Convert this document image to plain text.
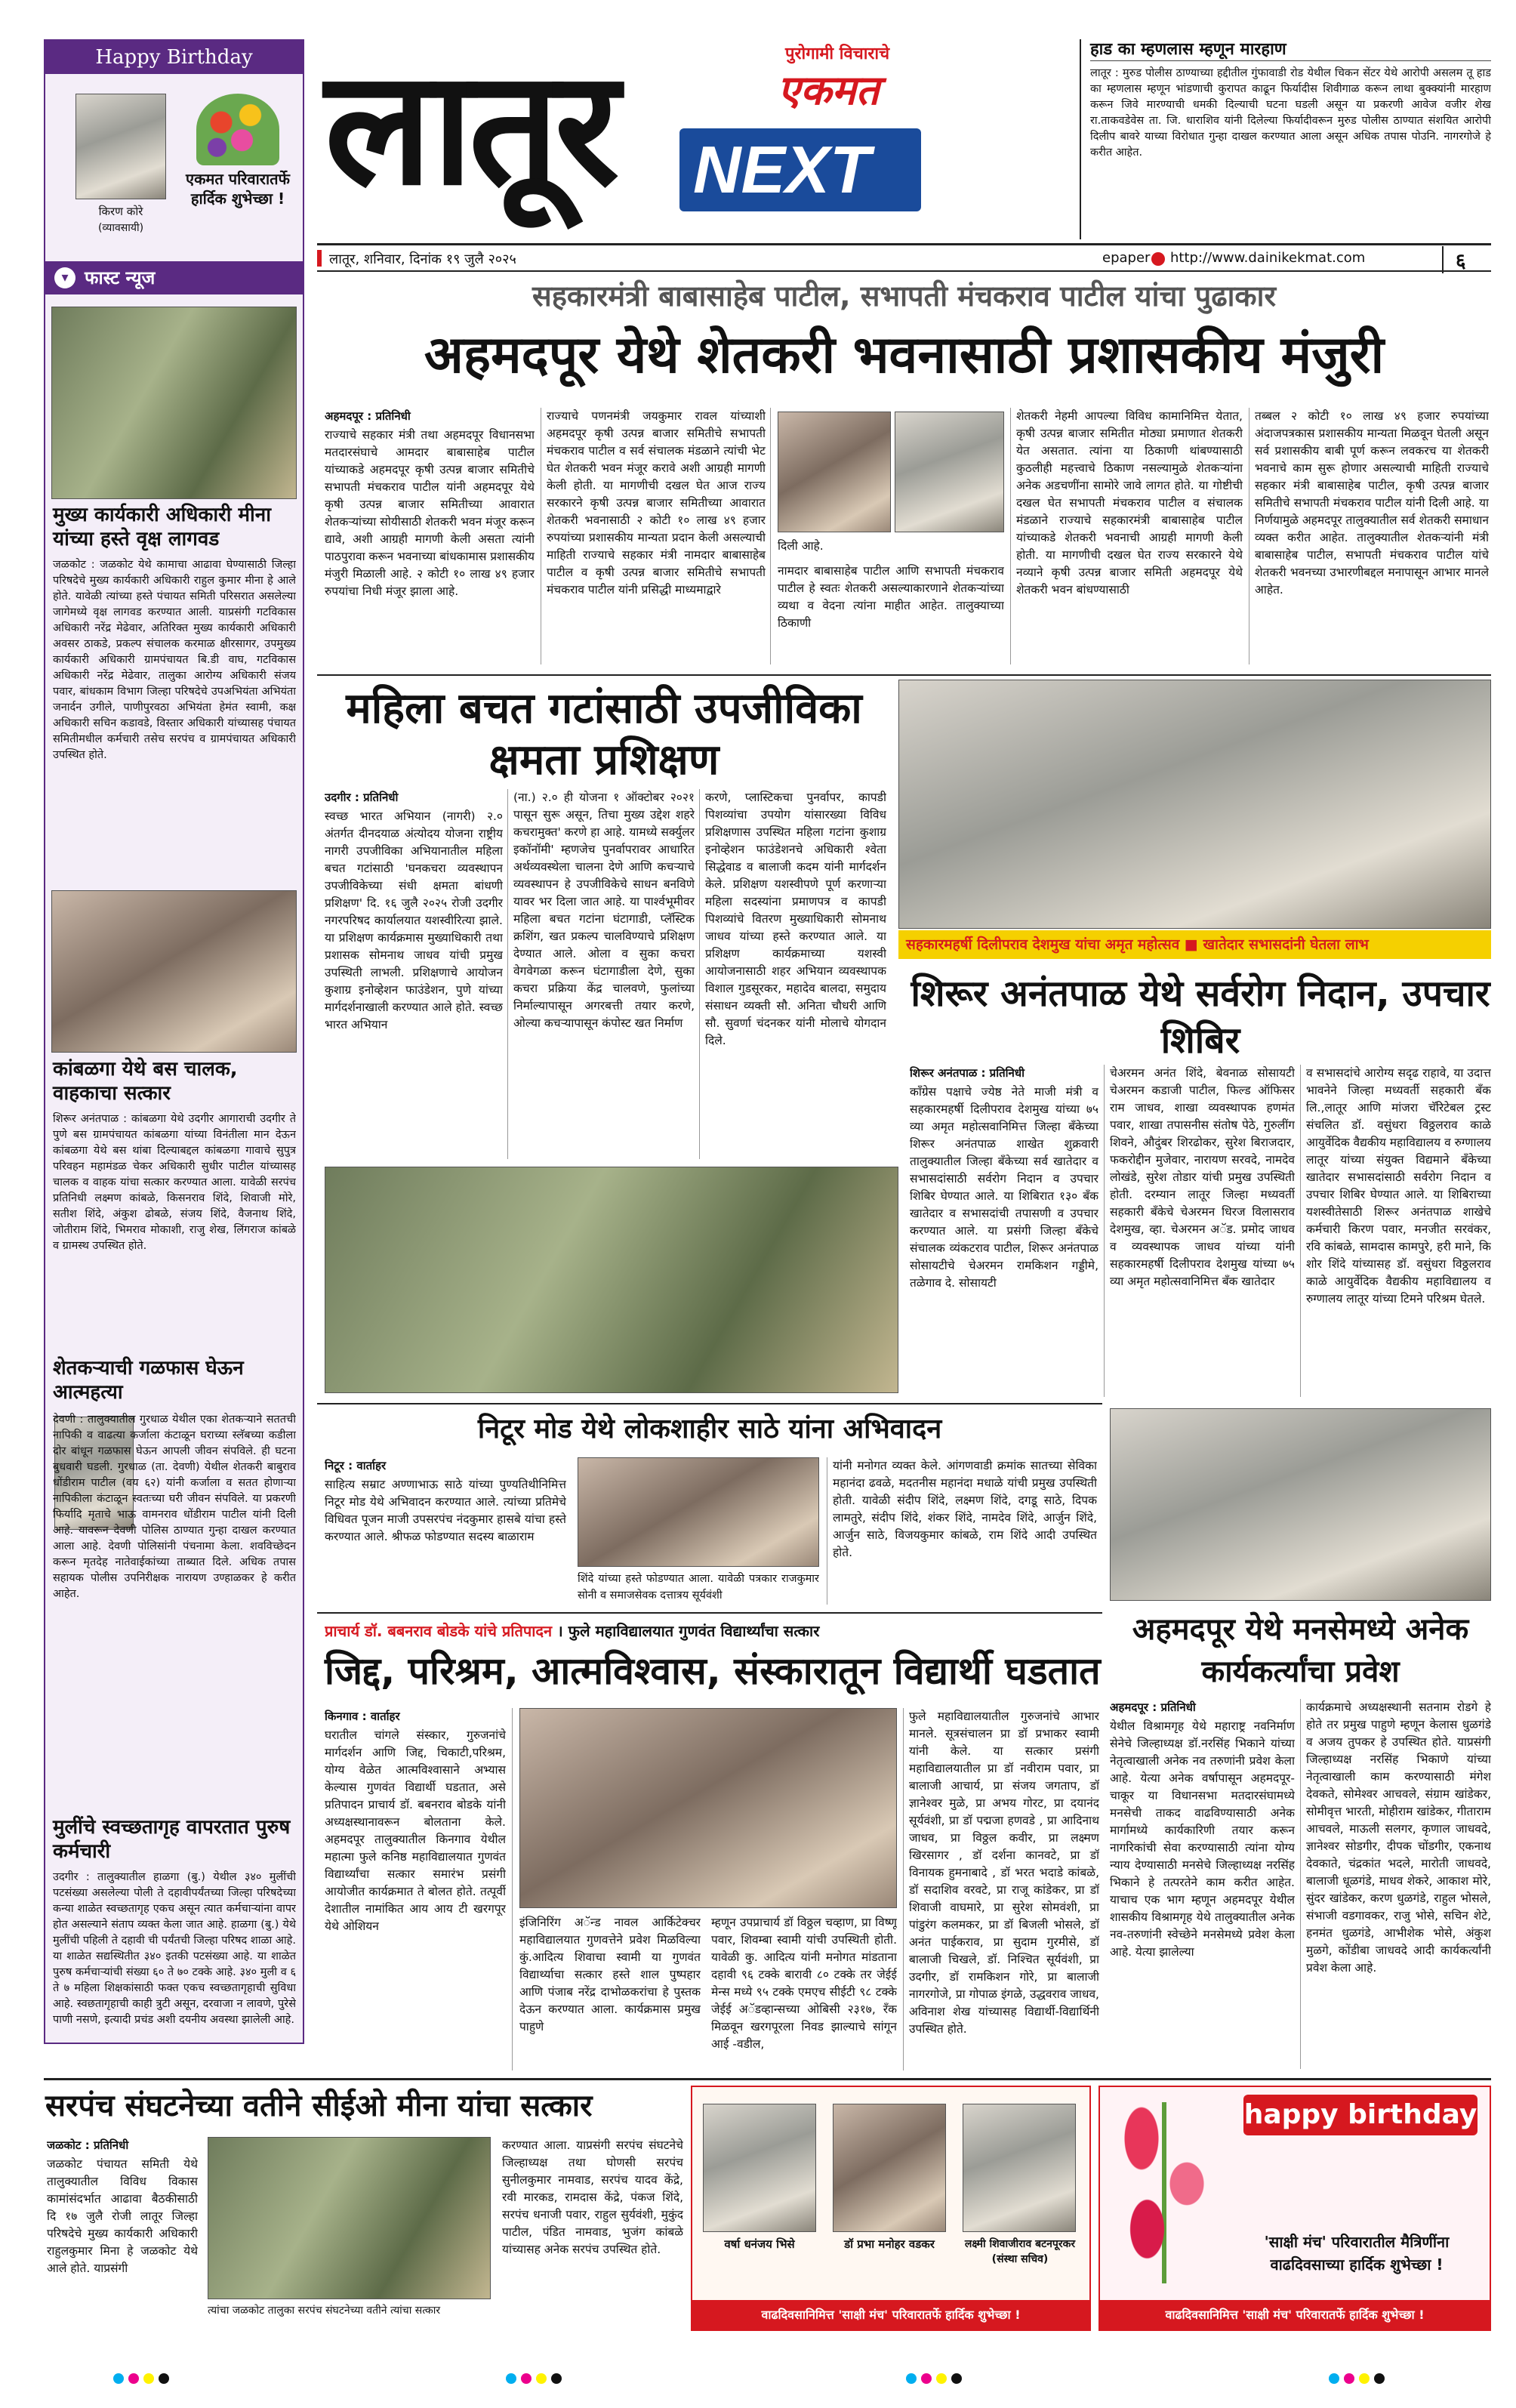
लातूर	पुरोगामी विचाराचे
एकमत
NEXT
हाड का म्हणलास म्हणून मारहाण
लातूर : मुरुड पोलीस ठाण्याच्या हद्दीतील गुंफावाडी रोड येथील चिकन सेंटर येथे आरोपी असलम तू हाड का म्हणलास म्हणून भांडणाची कुरापत काढून फिर्यादीस शिवीगाळ करून लाथा बुक्क्यांनी मारहाण करून जिवे मारण्याची धमकी दिल्याची घटना घडली असून या प्रकरणी आवेज वजीर शेख रा.ताकवडेवेस ता. जि. धाराशिव यांनी दिलेल्या फिर्यादीवरून मुरुड पोलीस ठाण्यात संशयित आरोपी दिलीप बावरे याच्या विरोधात गुन्हा दाखल करण्यात आला असून अधिक तपास पोउनि. नागरगोजे हे करीत आहेत.
लातूर, शनिवार, दिनांक १९ जुलै २०२५	epaper http://www.dainikekmat.com	६
Happy Birthday
किरण कोरे
(व्यावसायी)
एकमत परिवारातर्फे हार्दिक शुभेच्छा !
▾ फास्ट न्यूज
मुख्य कार्यकारी अधिकारी मीना यांच्या हस्ते वृक्ष लागवड
जळकोट : जळकोट येथे कामाचा आढावा घेण्यासाठी जिल्हा परिषदेचे मुख्य कार्यकारी अधिकारी राहुल कुमार मीना हे आले होते. यावेळी त्यांच्या हस्ते पंचायत समिती परिसरात असलेल्या जागेमध्ये वृक्ष लागवड करण्यात आली. याप्रसंगी गटविकास अधिकारी नरेंद्र मेढेवार, अतिरिक्त मुख्य कार्यकारी अधिकारी अवसर ठाकडे, प्रकल्प संचालक करमाळ क्षीरसागर, उपमुख्य कार्यकारी अधिकारी ग्रामपंचायत बि.डी वाघ, गटविकास अधिकारी नरेंद्र मेढेवार, तालुका आरोग्य अधिकारी संजय पवार, बांधकाम विभाग जिल्हा परिषदेचे उपअभियंता अभियंता जनार्दन उगीले, पाणीपुरवठा अभियंता हेमंत स्वामी, कक्ष अधिकारी सचिन कडावडे, विस्तार अधिकारी यांच्यासह पंचायत समितीमधील कर्मचारी तसेच सरपंच व ग्रामपंचायत अधिकारी उपस्थित होते.
कांबळगा येथे बस चालक, वाहकाचा सत्कार
शिरूर अनंतपाळ : कांबळगा येथे उदगीर आगाराची उदगीर ते पुणे बस ग्रामपंचायत कांबळगा यांच्या विनंतीला मान देऊन कांबळगा येथे बस थांबा दिल्याबद्दल कांबळगा गावाचे सुपुत्र परिवहन महामंडळ चेकर अधिकारी सुधीर पाटील यांच्यासह चालक व वाहक यांचा सत्कार करण्यात आला. यावेळी सरपंच प्रतिनिधी लक्ष्मण कांबळे, किसनराव शिंदे, शिवाजी मोरे, सतीश शिंदे, अंकुश ढोबळे, संजय शिंदे, वैजनाथ शिंदे, जोतीराम शिंदे, भिमराव मोकाशी, राजु शेख, लिंगराज कांबळे व ग्रामस्थ उपस्थित होते.
शेतकऱ्याची गळफास घेऊन आत्महत्या
देवणी : तालुक्यातील गुरधाळ येथील एका शेतकऱ्याने सततची नापिकी व वाढत्या कर्जाला कंटाळून घराच्या स्लॅबच्या कडीला दोर बांधून गळफास घेऊन आपली जीवन संपविले. ही घटना बुधवारी घडली. गुरधाळ (ता. देवणी) येथील शेतकरी बाबुराव धोंडीराम पाटील (वय ६२) यांनी कर्जाला व सतत होणाऱ्या नापिकीला कंटाळून स्वतःच्या घरी जीवन संपविले. या प्रकरणी फिर्यादि मृताचे भाऊ वामनराव धोंडीराम पाटील यांनी दिली आहे. यावरून देवणी पोलिस ठाण्यात गुन्हा दाखल करण्यात आला आहे. देवणी पोलिसांनी पंचनामा केला. शवविच्छेदन करून मृतदेह नातेवाईकांच्या ताब्यात दिले. अधिक तपास सहायक पोलीस उपनिरीक्षक नारायण उण्हाळकर हे करीत आहेत.
मुलींचे स्वच्छतागृह वापरतात पुरुष कर्मचारी
उदगीर : तालुक्यातील हाळगा (बु.) येथील ३४० मुलींची पटसंख्या असलेल्या पोली ते दहावीपर्यंतच्या जिल्हा परिषदेच्या कन्या शाळेत स्वच्छतागृह एकच असून त्यात कर्मचाऱ्यांना वापर होत असल्याने संताप व्यक्त केला जात आहे. हाळगा (बु.) येथे मुलींची पहिली ते दहावी ची पर्यंतची जिल्हा परिषद शाळा आहे. या शाळेत सद्यस्थितीत ३४० इतकी पटसंख्या आहे. या शाळेत पुरुष कर्मचाऱ्यांची संख्या ६० ते ७० टक्के आहे. ३४० मुली व ६ ते ७ महिला शिक्षकांसाठी फक्त एकच स्वच्छतागृहाची सुविधा आहे. स्वछतागृहाची काही त्रुटी असून, दरवाजा न लावणे, पुरेसे पाणी नसणे, इत्यादी प्रचंड अशी दयनीय अवस्था झालेली आहे.
सहकारमंत्री बाबासाहेब पाटील, सभापती मंचकराव पाटील यांचा पुढाकार
अहमदपूर येथे शेतकरी भवनासाठी प्रशासकीय मंजुरी
अहमदपूर : प्रतिनिधी
राज्याचे सहकार मंत्री तथा अहमदपूर विधानसभा मतदारसंघाचे आमदार बाबासाहेब पाटील यांच्याकडे अहमदपूर कृषी उत्पन्न बाजार समितीचे सभापती मंचकराव पाटील यांनी अहमदपूर येथे कृषी उत्पन्न बाजार समितीच्या आवारात शेतकऱ्यांच्या सोयीसाठी शेतकरी भवन मंजूर करून द्यावे, अशी आग्रही मागणी केली असता त्यांनी पाठपुरावा करून भवनाच्या बांधकामास प्रशासकीय मंजुरी मिळाली आहे. २ कोटी १० लाख ४९ हजार रुपयांचा निधी मंजूर झाला आहे.
राज्याचे पणनमंत्री जयकुमार रावल यांच्याशी अहमदपूर कृषी उत्पन्न बाजार समितीचे सभापती मंचकराव पाटील व सर्व संचालक मंडळाने त्यांची भेट घेत शेतकरी भवन मंजूर करावे अशी आग्रही मागणी केली होती. या मागणीची दखल घेत आज राज्य सरकारने कृषी उत्पन्न बाजार समितीच्या आवारात शेतकरी भवनासाठी २ कोटी १० लाख ४९ हजार रुपयांच्या प्रशासकीय मान्यता प्रदान केली असल्याची माहिती राज्याचे सहकार मंत्री नामदार बाबासाहेब पाटील व कृषी उत्पन्न बाजार समितीचे सभापती मंचकराव पाटील यांनी प्रसिद्धी माध्यमाद्वारे
दिली आहे.
नामदार बाबासाहेब पाटील आणि सभापती मंचकराव पाटील हे स्वतः शेतकरी असल्याकारणाने शेतकऱ्यांच्या व्यथा व वेदना त्यांना माहीत आहेत. तालुक्याच्या ठिकाणी
शेतकरी नेहमी आपल्या विविध कामानिमित्त येतात, कृषी उत्पन्न बाजार समितीत मोठ्या प्रमाणात शेतकरी येत असतात. त्यांना या ठिकाणी थांबण्यासाठी कुठलीही महत्त्वाचे ठिकाण नसल्यामुळे शेतकऱ्यांना अनेक अडचणींना सामोरे जावे लागत होते. या गोष्टीची दखल घेत सभापती मंचकराव पाटील व संचालक मंडळाने राज्याचे सहकारमंत्री बाबासाहेब पाटील यांच्याकडे शेतकरी भवनाची आग्रही मागणी केली होती. या मागणीची दखल घेत राज्य सरकारने येथे नव्याने कृषी उत्पन्न बाजार समिती अहमदपूर येथे शेतकरी भवन बांधण्यासाठी
तब्बल २ कोटी १० लाख ४९ हजार रुपयांच्या अंदाजपत्रकास प्रशासकीय मान्यता मिळवून घेतली असून सर्व प्रशासकीय बाबी पूर्ण करून लवकरच या शेतकरी भवनाचे काम सुरू होणार असल्याची माहिती राज्याचे सहकार मंत्री बाबासाहेब पाटील, कृषी उत्पन्न बाजार समितीचे सभापती मंचकराव पाटील यांनी दिली आहे. या निर्णयामुळे अहमदपूर तालुक्यातील सर्व शेतकरी समाधान व्यक्त करीत आहेत. तालुक्यातील शेतकऱ्यांनी मंत्री बाबासाहेब पाटील, सभापती मंचकराव पाटील यांचे शेतकरी भवनच्या उभारणीबद्दल मनापासून आभार मानले आहेत.
महिला बचत गटांसाठी उपजीविका क्षमता प्रशिक्षण
उदगीर : प्रतिनिधी
स्वच्छ भारत अभियान (नागरी) २.० अंतर्गत दीनदयाळ अंत्योदय योजना राष्ट्रीय नागरी उपजीविका अभियानातील महिला बचत गटांसाठी 'घनकचरा व्यवस्थापन उपजीविकेच्या संधी क्षमता बांधणी प्रशिक्षण' दि. १६ जुलै २०२५ रोजी उदगीर नगरपरिषद कार्यालयात यशस्वीरित्या झाले. या प्रशिक्षण कार्यक्रमास मुख्याधिकारी तथा प्रशासक सोमनाथ जाधव यांची प्रमुख उपस्थिती लाभली. प्रशिक्षणाचे आयोजन कुशाग्र इनोव्हेशन फाउंडेशन, पुणे यांच्या मार्गदर्शनाखाली करण्यात आले होते. स्वच्छ भारत अभियान
(ना.) २.० ही योजना १ ऑक्टोबर २०२१ पासून सुरू असून, तिचा मुख्य उद्देश शहरे कचरामुक्त' करणे हा आहे. यामध्ये सर्क्युलर इकॉनॉमी' म्हणजेच पुनर्वापरावर आधारित अर्थव्यवस्थेला चालना देणे आणि कचऱ्याचे व्यवस्थापन हे उपजीविकेचे साधन बनविणे यावर भर दिला जात आहे. या पार्श्वभूमीवर महिला बचत गटांना घंटागाडी, प्लॅस्टिक क्रशिंग, खत प्रकल्प चालविण्याचे प्रशिक्षण देण्यात आले. ओला व सुका कचरा वेगवेगळा करून घंटागाडीला देणे, सुका कचरा प्रक्रिया केंद्र चालवणे, फुलांच्या निर्माल्यापासून अगरबत्ती तयार करणे, ओल्या कचऱ्यापासून कंपोस्ट खत निर्माण
करणे, प्लास्टिकचा पुनर्वापर, कापडी पिशव्यांचा उपयोग यांसारख्या विविध प्रशिक्षणास उपस्थित महिला गटांना कुशाग्र इनोव्हेशन फाउंडेशनचे अधिकारी श्वेता सिद्धेवाड व बालाजी कदम यांनी मार्गदर्शन केले. प्रशिक्षण यशस्वीपणे पूर्ण करणाऱ्या महिला सदस्यांना प्रमाणपत्र व कापडी पिशव्यांचे वितरण मुख्याधिकारी सोमनाथ जाधव यांच्या हस्ते करण्यात आले. या प्रशिक्षण कार्यक्रमाच्या यशस्वी आयोजनासाठी शहर अभियान व्यवस्थापक विशाल गुडसूरकर, महादेव बालदा, समुदाय संसाधन व्यक्ती सौ. अनिता चौधरी आणि सौ. सुवर्णा चंदनकर यांनी मोलाचे योगदान दिले.
सहकारमहर्षी दिलीपराव देशमुख यांचा अमृत महोत्सव ■ खातेदार सभासदांनी घेतला लाभ
शिरूर अनंतपाळ येथे सर्वरोग निदान, उपचार शिबिर
शिरूर अनंतपाळ : प्रतिनिधी
काँग्रेस पक्षाचे ज्येष्ठ नेते माजी मंत्री व सहकारमहर्षी दिलीपराव देशमुख यांच्या ७५ व्या अमृत महोत्सवानिमित्त जिल्हा बँकेच्या शिरूर अनंतपाळ शाखेत शुक्रवारी तालुक्यातील जिल्हा बँकेच्या सर्व खातेदार व सभासदांसाठी सर्वरोग निदान व उपचार शिबिर घेण्यात आले. या शिबिरात १३० बँक खातेदार व सभासदांची तपासणी व उपचार करण्यात आले. या प्रसंगी जिल्हा बँकेचे संचालक व्यंकटराव पाटील, शिरूर अनंतपाळ सोसायटीचे चेअरमन रामकिशन गड्डीमे, तळेगाव दे. सोसायटी
चेअरमन अनंत शिंदे, बेवनाळ सोसायटी चेअरमन कडाजी पाटील, फिल्ड ऑफिसर राम जाधव, शाखा व्यवस्थापक हणमंत पवार, शाखा तपासनीस संतोष पेठे, गुरुलींग शिवने, औदुंबर शिरढोकर, सुरेश बिराजदार, फकरोद्दीन मुजेवार, नारायण सरवदे, नामदेव लोखंडे, सुरेश तोडार यांची प्रमुख उपस्थिती होती. दरम्यान लातूर जिल्हा मध्यवर्ती सहकारी बँकेचे चेअरमन धिरज विलासराव देशमुख, व्हा. चेअरमन अॅड. प्रमोद जाधव व व्यवस्थापक जाधव यांच्या यांनी सहकारमहर्षी दिलीपराव देशमुख यांच्या ७५ व्या अमृत महोत्सवानिमित्त बँक खातेदार
व सभासदांचे आरोग्य सदृढ राहावे, या उदात्त भावनेने जिल्हा मध्यवर्ती सहकारी बँक लि.,लातूर आणि मांजरा चॅरिटेबल ट्रस्ट संचलित डॉ. वसुंधरा विठ्ठलराव काळे आयुर्वेदिक वैद्यकीय महाविद्यालय व रुग्णालय लातूर यांच्या संयुक्त विद्यमाने बँकेच्या खातेदार सभासदांसाठी सर्वरोग निदान व उपचार शिबिर घेण्यात आले. या शिबिराच्या यशस्वीतेसाठी शिरूर अनंतपाळ शाखेचे कर्मचारी किरण पवार, मनजीत सरवंकर, रवि कांबळे, सामदास कामपुरे, हरी माने, कि शोर शिंदे यांच्यासह डॉ. वसुंधरा विठ्ठलराव काळे आयुर्वेदिक वैद्यकीय महाविद्यालय व रुग्णालय लातूर यांच्या टिमने परिश्रम घेतले.
निटूर मोड येथे लोकशाहीर साठे यांना अभिवादन
निटूर : वार्ताहर
साहित्य सम्राट अण्णाभाऊ साठे यांच्या पुण्यतिथीनिमित्त निटूर मोड येथे अभिवादन करण्यात आले. त्यांच्या प्रतिमेचे विधिवत पूजन माजी उपसरपंच नंदकुमार हासबे यांचा हस्ते करण्यात आले. श्रीफळ फोडण्यात सदस्य बाळाराम
शिंदे यांच्या हस्ते फोडण्यात आला. यावेळी पत्रकार राजकुमार सोनी व समाजसेवक दत्तात्रय सूर्यवंशी
यांनी मनोगत व्यक्त केले. आंगणवाडी क्रमांक सातच्या सेविका महानंदा ढवळे, मदतनीस महानंदा मधाळे यांची प्रमुख उपस्थिती होती. यावेळी संदीप शिंदे, लक्ष्मण शिंदे, दगडू साठे, दिपक लामतुरे, संदीप शिंदे, शंकर शिंदे, नामदेव शिंदे, आर्जुन शिंदे, आर्जुन साठे, विजयकुमार कांबळे, राम शिंदे आदी उपस्थित होते.
अहमदपूर येथे मनसेमध्ये अनेक कार्यकर्त्यांचा प्रवेश
अहमदपूर : प्रतिनिधी
येथील विश्रामगृह येथे महाराष्ट्र नवनिर्माण सेनेचे जिल्हाध्यक्ष डॉ.नरसिंह भिकाने यांच्या नेतृत्वाखाली अनेक नव तरुणांनी प्रवेश केला आहे. येत्या अनेक वर्षापासून अहमदपूर-चाकूर या विधानसभा मतदारसंघामध्ये मनसेची ताकद वाढविण्यासाठी अनेक मार्गामध्ये कार्यकारिणी तयार करून नागरिकांची सेवा करण्यासाठी त्यांना योग्य न्याय देण्यासाठी मनसेचे जिल्हाध्यक्ष नरसिंह भिकाने हे तत्परतेने काम करीत आहेत. याचाच एक भाग म्हणून अहमदपूर येथील शासकीय विश्रामगृह येथे तालुक्यातील अनेक नव-तरुणांनी स्वेच्छेने मनसेमध्ये प्रवेश केला आहे. येत्या झालेल्या
कार्यक्रमाचे अध्यक्षस्थानी सतनाम रोडगे हे होते तर प्रमुख पाहुणे म्हणून केलास धुळगंडे व अजय तुपकर हे उपस्थित होते. याप्रसंगी जिल्हाध्यक्ष नरसिंह भिकाणे यांच्या नेतृत्वाखाली काम करण्यासाठी मंगेश देवकते, सोमेश्वर आचवले, संग्राम खांडेकर, सोमीवृत्त भारती, मोहीराम खांडेकर, गीताराम आचवले, माऊली सलगर, कृणाल जाधवदे, ज्ञानेश्वर सोडगीर, दीपक चोंडगीर, एकनाथ देवकाते, चंद्रकांत भदले, मारोती जाधवदे, बालाजी धूळगंडे, माधव शेकरे, आकाश मोरे, सुंदर खांडेकर, करण धुळगंडे, राहुल भोसले, संभाजी वडगावकर, राजु भोसे, सचिन शेटे, हनमंत धुळगंडे, आभीशेक भोसे, अंकुश मुळगे, कोंडीबा जाधवदे आदी कार्यकर्त्यांनी प्रवेश केला आहे.
प्राचार्य डॉ. बबनराव बोडके यांचे प्रतिपादन । फुले महाविद्यालयात गुणवंत विद्यार्थ्यांचा सत्कार
जिद्द, परिश्रम, आत्मविश्वास, संस्कारातून विद्यार्थी घडतात
किनगाव : वार्ताहर
घरातील चांगले संस्कार, गुरुजनांचे मार्गदर्शन आणि जिद्द, चिकाटी,परिश्रम, योग्य वेळेत आत्मविश्वासाने अभ्यास केल्यास गुणवंत विद्यार्थी घडतात, असे प्रतिपादन प्राचार्य डॉ. बबनराव बोडके यांनी अध्यक्षस्थानावरून बोलताना केले. अहमदपूर तालुक्यातील किनगाव येथील महात्मा फुले कनिष्ठ महाविद्यालयात गुणवंत विद्यार्थ्यांचा सत्कार समारंभ प्रसंगी आयोजीत कार्यक्रमात ते बोलत होते. तत्पूर्वी देशातील नामांकित आय आय टी खरगपूर येथे ओशियन	इंजिनिरिंग अॅन्ड नावल आर्किटेक्चर महाविद्यालयात गुणवत्तेने प्रवेश मिळविल्या कुं.आदित्य शिवाचा स्वामी या गुणवंत विद्यार्थ्याचा सत्कार हस्ते शाल पुष्पहार आणि पंजाब नरेंद्र दाभोळकरांचा हे पुस्तक देऊन करण्यात आला. कार्यक्रमास प्रमुख पाहुणे
म्हणून उपप्राचार्य डॉ विठ्ठल चव्हाण, प्रा विष्णू पवार, शिवम्बा स्वामी यांची उपस्थिती होती. यावेळी कु. आदित्य यांनी मनोगत मांडताना दहावी ९६ टक्के बारावी ८० टक्के तर जेईई मेन्स मध्ये ९५ टक्के एमएच सीईटी ९८ टक्के जेईई अॅडव्हान्सच्या ओबिसी २३१७, रँक मिळवून खरगपूरला निवड झाल्याचे सांगून आई -वडील,
फुले महाविद्यालयातील गुरुजनांचे आभार मानले. सूत्रसंचालन प्रा डॉ प्रभाकर स्वामी यांनी केले. या सत्कार प्रसंगी महाविद्यालयातील प्रा डॉ नवीराम पवार, प्रा बालाजी आचार्य, प्रा संजय जगताप, डॉ ज्ञानेश्वर मुळे, प्रा अभय गोरट, प्रा दयानंद सूर्यवंशी, प्रा डॉ पद्मजा हणवडे , प्रा आदिनाथ जाधव, प्रा विठ्ठल कवीर, प्रा लक्ष्मण खिरसागर , डॉ दर्शना कानवटे, प्रा डॉ विनायक हुमनाबादे , डॉ भरत भदाडे कांबळे, डॉ सदाशिव वरवटे, प्रा राजू कांडेकर, प्रा डॉ शिवाजी वाघमारे, प्रा सुरेश सोमवंशी, प्रा पांडुरंग कलमकर, प्रा डॉ बिजली भोसले, डॉ अनंत पाईकराव, प्रा सुदाम गुरमीसे, डॉ बालाजी चिखले, डॉ. निश्चित सूर्यवंशी, प्रा उदगीर, डॉ रामकिशन गोरे, प्रा बालाजी नागरगोजे, प्रा गोपाळ इंगळे, उद्धवराव जाधव, अविनाश शेख यांच्यासह विद्यार्थी-विद्यार्थिनी उपस्थित होते.
सरपंच संघटनेच्या वतीने सीईओ मीना यांचा सत्कार
जळकोट : प्रतिनिधी
जळकोट पंचायत समिती येथे तालुक्यातील विविध विकास कामांसंदर्भात आढावा बैठकीसाठी दि १७ जुलै रोजी लातूर जिल्हा परिषदेचे मुख्य कार्यकारी अधिकारी राहुलकुमार मिना हे जळकोट येथे आले होते. याप्रसंगी
त्यांचा जळकोट तालुका सरपंच संघटनेच्या वतीने त्यांचा सत्कार
करण्यात आला. याप्रसंगी सरपंच संघटनेचे जिल्हाध्यक्ष तथा घोणसी सरपंच सुनीलकुमार नामवाड, सरपंच यादव केंद्रे, रवी मारकड, रामदास केंद्रे, पंकज शिंदे, सरपंच धनाजी पवार, राहुल सुर्यवंशी, मुकुंद पाटील, पंडित नामवाड, भुजंग कांबळे यांच्यासह अनेक सरपंच उपस्थित होते.	वर्षा धनंजय भिसे	डॉ प्रभा मनोहर वडकर	लक्ष्मी शिवाजीराव बटनपूरकर (संस्था सचिव)
वाढदिवसानिमित्त 'साक्षी मंच' परिवारातर्फे हार्दिक शुभेच्छा !
happy birthday
'साक्षी मंच' परिवारातील मैत्रिणींना वाढदिवसाच्या हार्दिक शुभेच्छा !
वाढदिवसानिमित्त 'साक्षी मंच' परिवारातर्फे हार्दिक शुभेच्छा !
